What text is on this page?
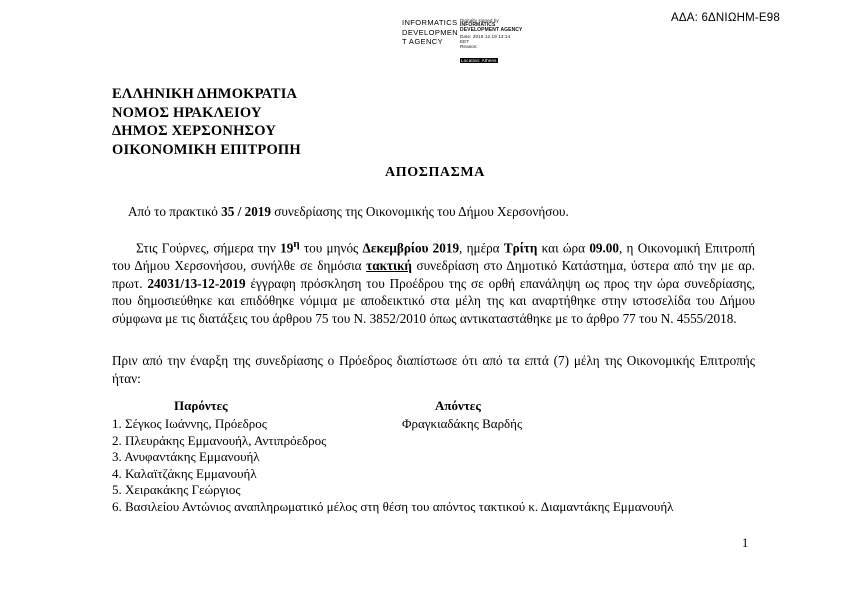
ΑΔΑ: 6ΔΝΙΩΗΜ-Ε98
INFORMATICS
DEVELOPMEN
T AGENCY
Digitally signed by
INFORMATICS
DEVELOPMENT AGENCY
Date: 2019.12.19 13:14
EET
Reason:
Location: Athens
ΕΛΛΗΝΙΚΗ ΔΗΜΟΚΡΑΤΙΑ
ΝΟΜΟΣ ΗΡΑΚΛΕΙΟΥ
ΔΗΜΟΣ ΧΕΡΣΟΝΗΣΟΥ
ΟΙΚΟΝΟΜΙΚΗ ΕΠΙΤΡΟΠΗ
ΑΠΟΣΠΑΣΜΑ
Από το πρακτικό 35 / 2019 συνεδρίασης της Οικονομικής του Δήμου Χερσονήσου.
Στις Γούρνες, σήμερα την $19^\eta$ του μηνός Δεκεμβρίου 2019, ημέρα Τρίτη και ώρα 09.00, η Οικονομική Επιτροπή του Δήμου Χερσονήσου, συνήλθε σε δημόσια τακτική συνεδρίαση στο Δημοτικό Κατάστημα, ύστερα από την με αρ. πρωτ. 24031/13-12-2019 έγγραφη πρόσκληση του Προέδρου της σε ορθή επανάληψη ως προς την ώρα συνεδρίασης, που δημοσιεύθηκε και επιδόθηκε νόμιμα με αποδεικτικό στα μέλη της και αναρτήθηκε στην ιστοσελίδα του Δήμου σύμφωνα με τις διατάξεις του άρθρου 75 του Ν. 3852/2010 όπως αντικαταστάθηκε με το άρθρο 77 του Ν. 4555/2018.
Πριν από την έναρξη της συνεδρίασης ο Πρόεδρος διαπίστωσε ότι από τα επτά (7) μέλη της Οικονομικής Επιτροπής ήταν:
Παρόντες	Απόντες
1. Σέγκος Ιωάννης, Πρόεδρος	Φραγκιαδάκης Βαρδής
2. Πλευράκης Εμμανουήλ, Αντιπρόεδρος
3. Ανυφαντάκης Εμμανουήλ
4. Καλαϊτζάκης Εμμανουήλ
5. Χειρακάκης Γεώργιος
6. Βασιλείου Αντώνιος αναπληρωματικό μέλος στη θέση του απόντος τακτικού κ. Διαμαντάκης Εμμανουήλ
1
